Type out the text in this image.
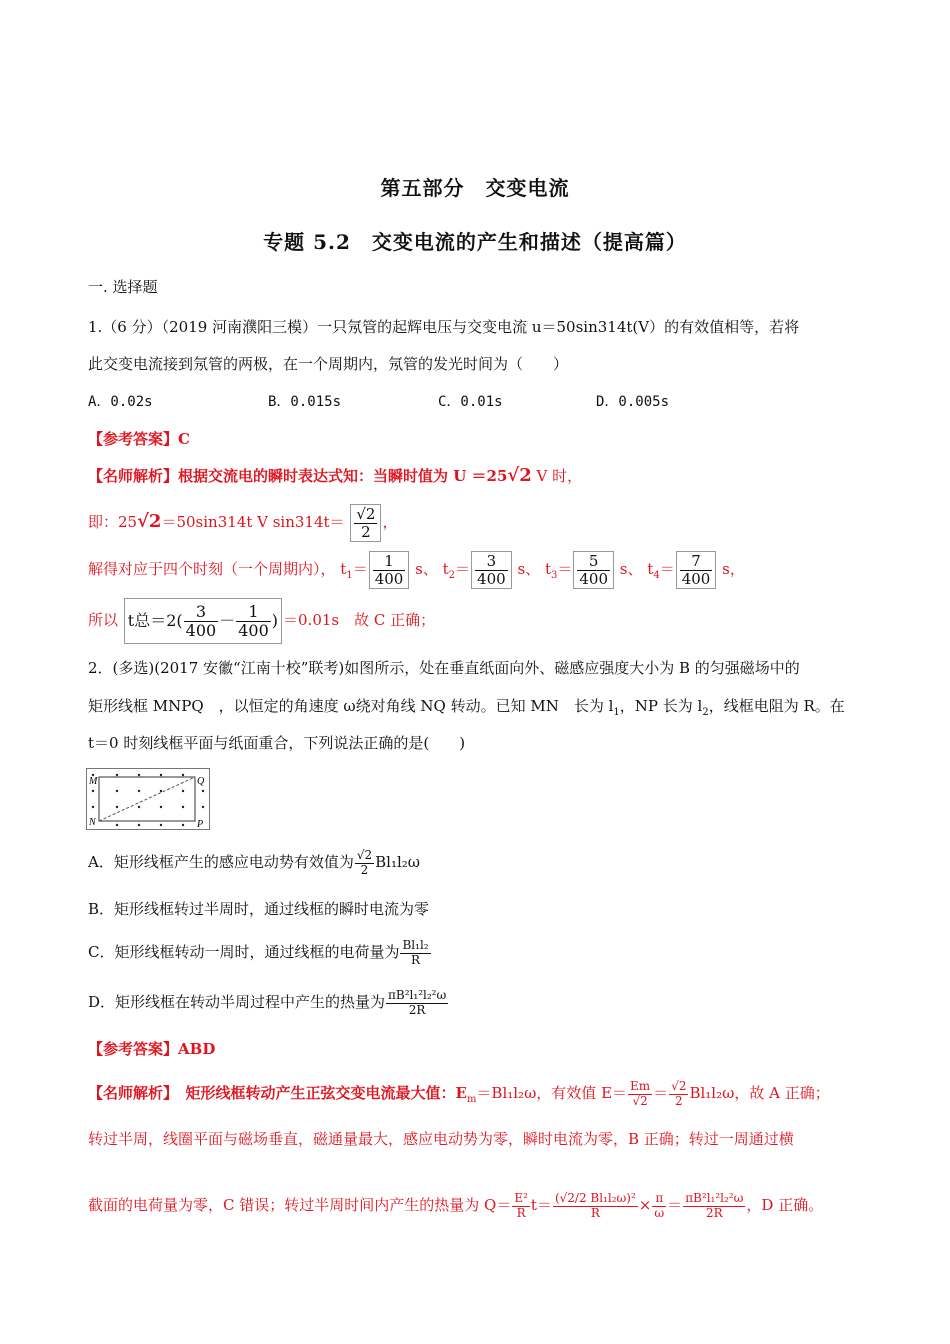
第五部分　交变电流
专题 5.2　交变电流的产生和描述（提高篇）
一. 选择题
1.（6 分）（2019 河南濮阳三模）一只氖管的起辉电压与交变电流 u＝50sin314t(V）的有效值相等，若将
此交变电流接到氖管的两极，在一个周期内，氖管的发光时间为（　　）
A．0.02s	B．0.015s	C．0.01s	D．0.005s
【参考答案】C
【名师解析】根据交流电的瞬时表达式知：当瞬时值为 U ＝25√2 V 时，
即：25√2＝50sin314t V $\sin 314t= \frac{√2}{2}$ ，
解得对应于四个时刻（一个周期内）， $t_1= \frac{1}{400}$ s、 $t_2= \frac{3}{400}$ s、 $t_3= \frac{5}{400}$ s、 $t_4= \frac{7}{400}$ s，
所以 t总$=2( \frac{3}{400} - \frac{1}{400}$ ) ＝0.01s　故 C 正确；
2．(多选)(2017 安徽“江南十校”联考)如图所示，处在垂直纸面向外、磁感应强度大小为 B 的匀强磁场中的
矩形线框 MNPQ　，以恒定的角速度 ω绕对角线 NQ 转动。已知 MN　长为 $l_1$，NP 长为 $l_2$，线框电阻为 R。在
t＝0 时刻线框平面与纸面重合，下列说法正确的是(　　)
M	Q
N	P
A．矩形线框产生的感应电动势有效值为 $\frac{√2}{2} Bl_1l_2\omega$
B．矩形线框转过半周时，通过线框的瞬时电流为零
C．矩形线框转动一周时，通过线框的电荷量为 $\frac{\text{Bl₁l₂}}{R}$
D．矩形线框在转动半周过程中产生的热量为 $\frac{\text{πB²l₁²l₂²ω}}{2R}$
【参考答案】ABD
【名师解析】　矩形线框转动产生正弦交变电流最大值：$E_m=Bl_1l_2\omega$，有效值 $E= \frac{Em}{√2} = \frac{√2}{2} Bl_1l_2\omega$，故 A 正确；
转过半周，线圈平面与磁场垂直，磁通量最大，感应电动势为零，瞬时电流为零，B 正确；转过一周通过横
截面的电荷量为零，C 错误；转过半周时间内产生的热量为 $Q= \frac{\text{E²}}{R} t= \frac{\text{(√2/2 Bl₁l₂ω)²}}{R} \times \frac{\pi}{\omega} = \frac{\text{πB²l₁²l₂²ω}}{2R}$ ，D 正确。
